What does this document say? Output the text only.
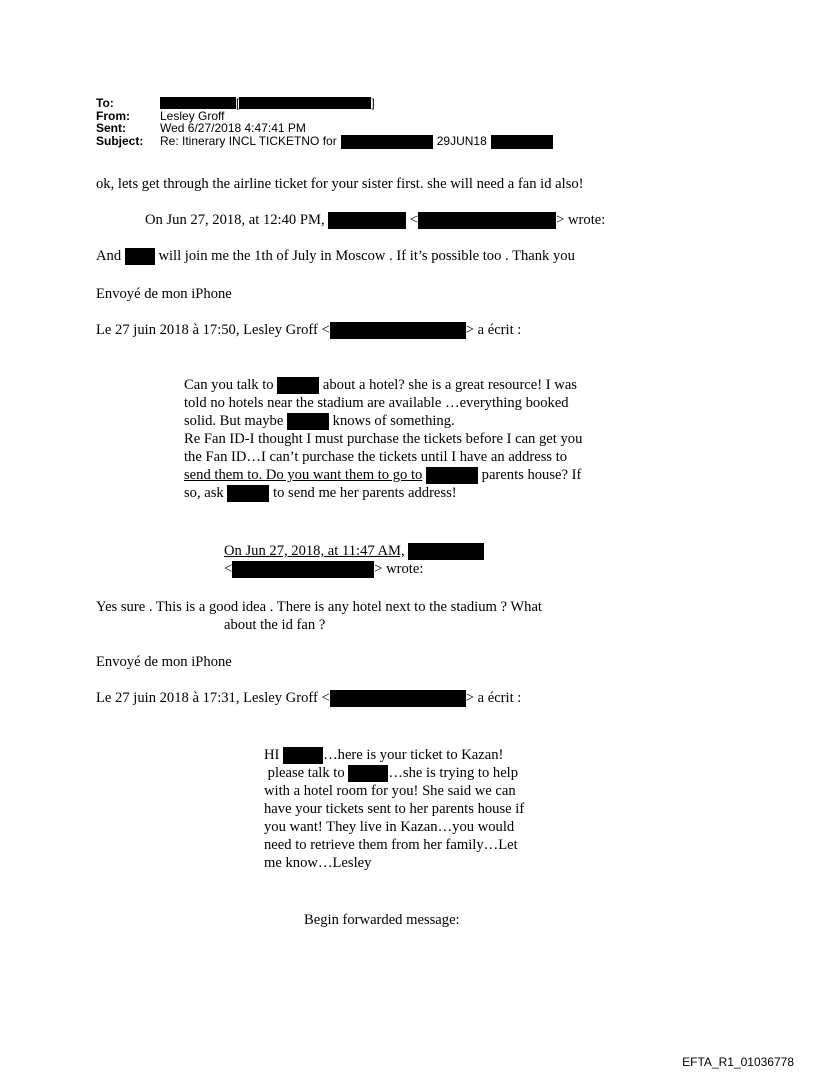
To:	[	]
From:	Lesley Groff
Sent:	Wed 6/27/2018 4:47:41 PM
Subject:	Re: Itinerary INCL TICKETNO for	29JUN18
ok, lets get through the airline ticket for your sister first. she will need a fan id also!
On Jun 27, 2018, at 12:40 PM,	<	> wrote:
And	will join me the 1th of July in Moscow . If it’s possible too . Thank you
Envoyé de mon iPhone
Le 27 juin 2018 à 17:50, Lesley Groff <	> a écrit :
Can you talk to	about a hotel? she is a great resource! I was
told no hotels near the stadium are available …everything booked
solid. But maybe	knows of something.
Re Fan ID-I thought I must purchase the tickets before I can get you
the Fan ID…I can’t purchase the tickets until I have an address to
send them to. Do you want them to go to	parents house? If
so, ask	to send me her parents address!
On Jun 27, 2018, at 11:47 AM,
<	> wrote:
Yes sure . This is a good idea . There is any hotel next to the stadium ? What
about the id fan ?
Envoyé de mon iPhone
Le 27 juin 2018 à 17:31, Lesley Groff <	> a écrit :
HI	…here is your ticket to Kazan!
please talk to	…she is trying to help
with a hotel room for you! She said we can
have your tickets sent to her parents house if
you want! They live in Kazan…you would
need to retrieve them from her family…Let
me know…Lesley
Begin forwarded message:
EFTA_R1_01036778
